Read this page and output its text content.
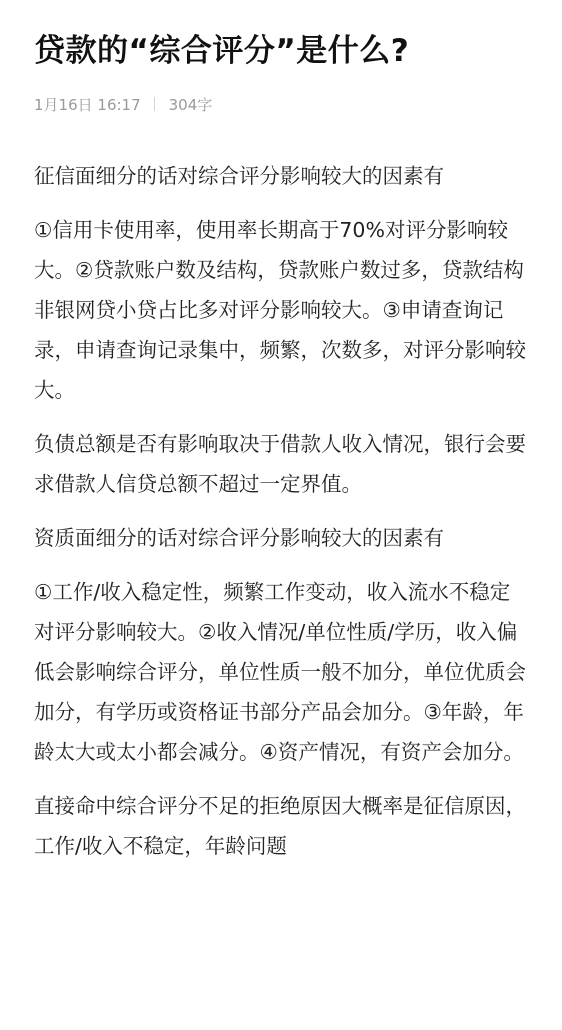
贷款的“综合评分”是什么?
1月16日 16:17 304字

征信面细分的话对综合评分影响较大的因素有

①信用卡使用率，使用率长期高于70%对评分影响较大。②贷款账户数及结构，贷款账户数过多，贷款结构非银网贷小贷占比多对评分影响较大。③申请查询记录，申请查询记录集中，频繁，次数多，对评分影响较大。

负债总额是否有影响取决于借款人收入情况，银行会要求借款人信贷总额不超过一定界值。

资质面细分的话对综合评分影响较大的因素有

①工作/收入稳定性，频繁工作变动，收入流水不稳定对评分影响较大。②收入情况/单位性质/学历，收入偏低会影响综合评分，单位性质一般不加分，单位优质会加分，有学历或资格证书部分产品会加分。③年龄，年龄太大或太小都会减分。④资产情况，有资产会加分。

直接命中综合评分不足的拒绝原因大概率是征信原因，工作/收入不稳定，年龄问题
